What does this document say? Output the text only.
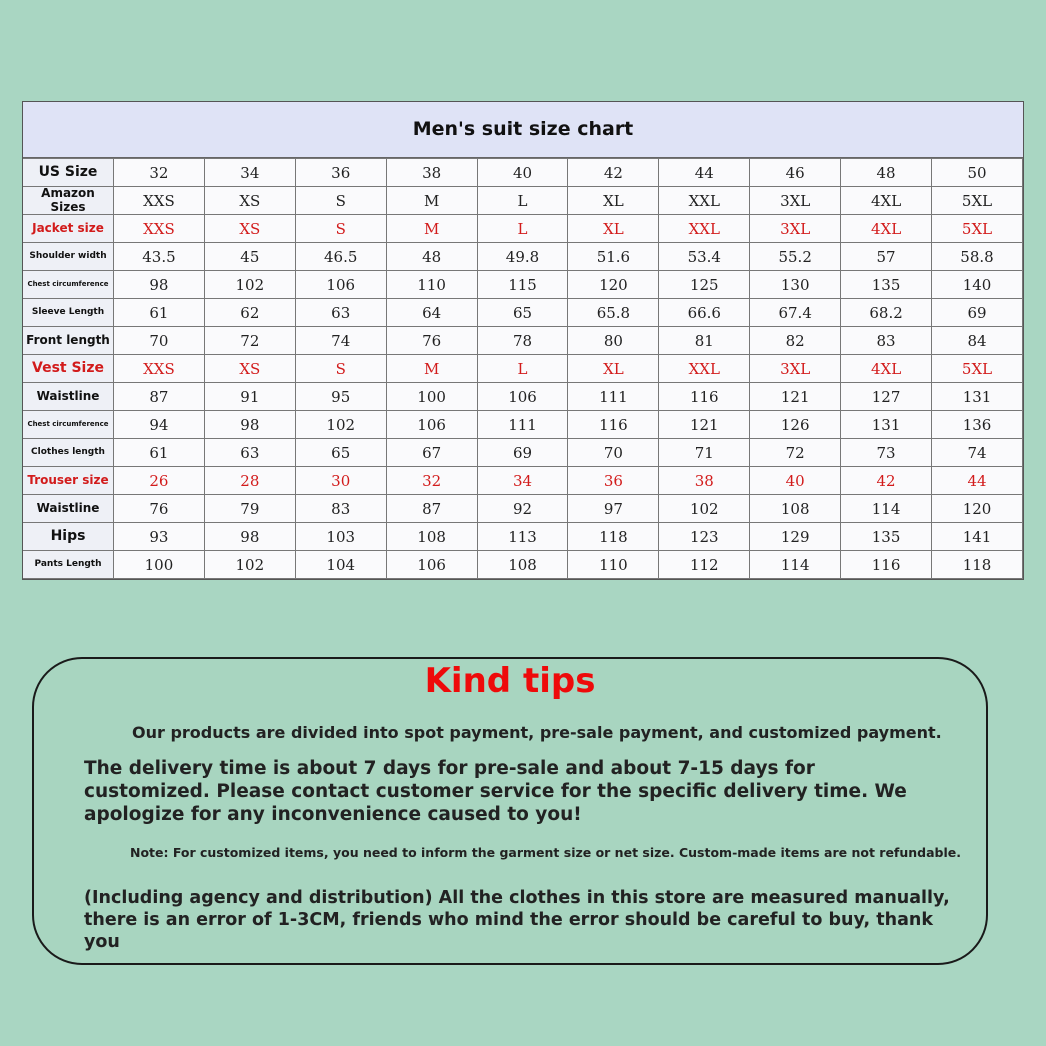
Men's suit size chart
US Size	32	34	36	38	40	42	44	46	48	50
Amazon Sizes	XXS	XS	S	M	L	XL	XXL	3XL	4XL	5XL
Jacket size	XXS	XS	S	M	L	XL	XXL	3XL	4XL	5XL
Shoulder width	43.5	45	46.5	48	49.8	51.6	53.4	55.2	57	58.8
Chest circumference	98	102	106	110	115	120	125	130	135	140
Sleeve Length	61	62	63	64	65	65.8	66.6	67.4	68.2	69
Front length	70	72	74	76	78	80	81	82	83	84
Vest Size	XXS	XS	S	M	L	XL	XXL	3XL	4XL	5XL
Waistline	87	91	95	100	106	111	116	121	127	131
Chest circumference	94	98	102	106	111	116	121	126	131	136
Clothes length	61	63	65	67	69	70	71	72	73	74
Trouser size	26	28	30	32	34	36	38	40	42	44
Waistline	76	79	83	87	92	97	102	108	114	120
Hips	93	98	103	108	113	118	123	129	135	141
Pants Length	100	102	104	106	108	110	112	114	116	118
Kind tips
Our products are divided into spot payment, pre-sale payment, and customized payment.
The delivery time is about 7 days for pre-sale and about 7-15 days for customized. Please contact customer service for the specific delivery time. We apologize for any inconvenience caused to you!
Note: For customized items, you need to inform the garment size or net size. Custom-made items are not refundable.
(Including agency and distribution) All the clothes in this store are measured manually, there is an error of 1-3CM, friends who mind the error should be careful to buy, thank you
